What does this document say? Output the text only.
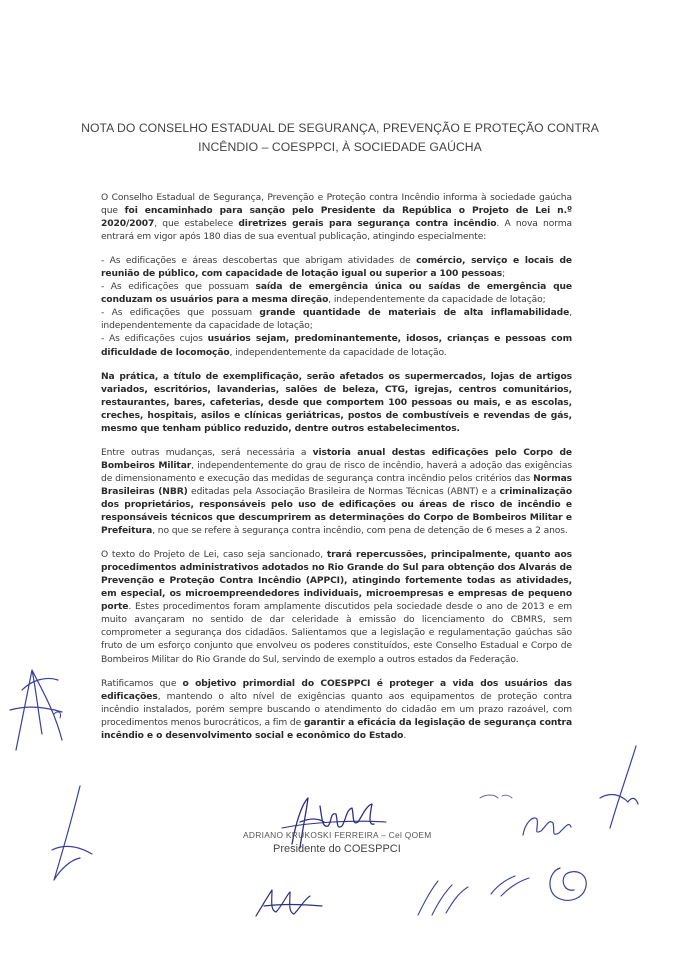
NOTA DO CONSELHO ESTADUAL DE SEGURANÇA, PREVENÇÃO E PROTEÇÃO CONTRA
INCÊNDIO – COESPPCI, À SOCIEDADE GAÚCHA

O Conselho Estadual de Segurança, Prevenção e Proteção contra Incêndio informa à sociedade gaúcha que foi encaminhado para sanção pelo Presidente da República o Projeto de Lei n.º 2020/2007, que estabelece diretrizes gerais para segurança contra incêndio. A nova norma entrará em vigor após 180 dias de sua eventual publicação, atingindo especialmente:

- As edificações e áreas descobertas que abrigam atividades de comércio, serviço e locais de reunião de público, com capacidade de lotação igual ou superior a 100 pessoas;

- As edificações que possuam saída de emergência única ou saídas de emergência que conduzam os usuários para a mesma direção, independentemente da capacidade de lotação;

- As edificações que possuam grande quantidade de materiais de alta inflamabilidade, independentemente da capacidade de lotação;

- As edificações cujos usuários sejam, predominantemente, idosos, crianças e pessoas com dificuldade de locomoção, independentemente da capacidade de lotação.

Na prática, a título de exemplificação, serão afetados os supermercados, lojas de artigos variados, escritórios, lavanderias, salões de beleza, CTG, igrejas, centros comunitários, restaurantes, bares, cafeterias, desde que comportem 100 pessoas ou mais, e as escolas, creches, hospitais, asilos e clínicas geriátricas, postos de combustíveis e revendas de gás, mesmo que tenham público reduzido, dentre outros estabelecimentos.

Entre outras mudanças, será necessária a vistoria anual destas edificações pelo Corpo de Bombeiros Militar, independentemente do grau de risco de incêndio, haverá a adoção das exigências de dimensionamento e execução das medidas de segurança contra incêndio pelos critérios das Normas Brasileiras (NBR) editadas pela Associação Brasileira de Normas Técnicas (ABNT) e a criminalização dos proprietários, responsáveis pelo uso de edificações ou áreas de risco de incêndio e responsáveis técnicos que descumprirem as determinações do Corpo de Bombeiros Militar e Prefeitura, no que se refere à segurança contra incêndio, com pena de detenção de 6 meses a 2 anos.

O texto do Projeto de Lei, caso seja sancionado, trará repercussões, principalmente, quanto aos procedimentos administrativos adotados no Rio Grande do Sul para obtenção dos Alvarás de Prevenção e Proteção Contra Incêndio (APPCI), atingindo fortemente todas as atividades, em especial, os microempreendedores individuais, microempresas e empresas de pequeno porte. Estes procedimentos foram amplamente discutidos pela sociedade desde o ano de 2013 e em muito avançaram no sentido de dar celeridade à emissão do licenciamento do CBMRS, sem comprometer a segurança dos cidadãos. Salientamos que a legislação e regulamentação gaúchas são fruto de um esforço conjunto que envolveu os poderes constituídos, este Conselho Estadual e Corpo de Bombeiros Militar do Rio Grande do Sul, servindo de exemplo a outros estados da Federação.

Ratificamos que o objetivo primordial do COESPPCI é proteger a vida dos usuários das edificações, mantendo o alto nível de exigências quanto aos equipamentos de proteção contra incêndio instalados, porém sempre buscando o atendimento do cidadão em um prazo razoável, com procedimentos menos burocráticos, a fim de garantir a eficácia da legislação de segurança contra incêndio e o desenvolvimento social e econômico do Estado.

ADRIANO KRUKOSKI FERREIRA – Cel QOEM
Presidente do COESPPCI
